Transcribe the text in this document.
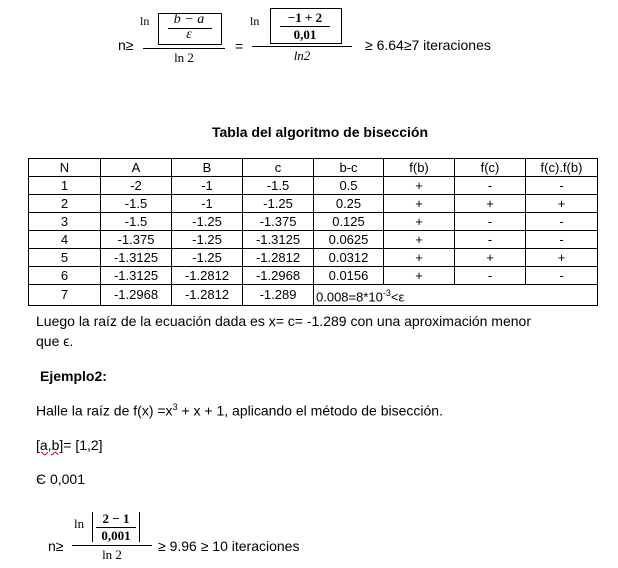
n≥
ln	b − a
ε
ln 2
=
ln	−1 + 2
0,01
ln2
≥ 6.64≥7 iteraciones
Tabla del algoritmo de bisección
N	A	B	c	b-c	f(b)	f(c)	f(c).f(b)
1	-2	-1	-1.5	0.5	+	-	-
2	-1.5	-1	-1.25	0.25	+	+	+
3	-1.5	-1.25	-1.375	0.125	+	-	-
4	-1.375	-1.25	-1.3125	0.0625	+	-	-
5	-1.3125	-1.25	-1.2812	0.0312	+	+	+
6	-1.3125	-1.2812	-1.2968	0.0156	+	-	-
7	-1.2968	-1.2812	-1.289	$0.008=8*10^{-3}<\varepsilon$			
Luego la raíz de la ecuación dada es x= c= -1.289 con una aproximación menor
que ϵ.
Ejemplo2:
Halle la raíz de $f(x) =x^3 + x + 1$, aplicando el método de bisección.
[a,b]= [1,2]
Є 0,001
n≥
ln	2 − 1
0,001
ln 2
≥ 9.96 ≥ 10 iteraciones
